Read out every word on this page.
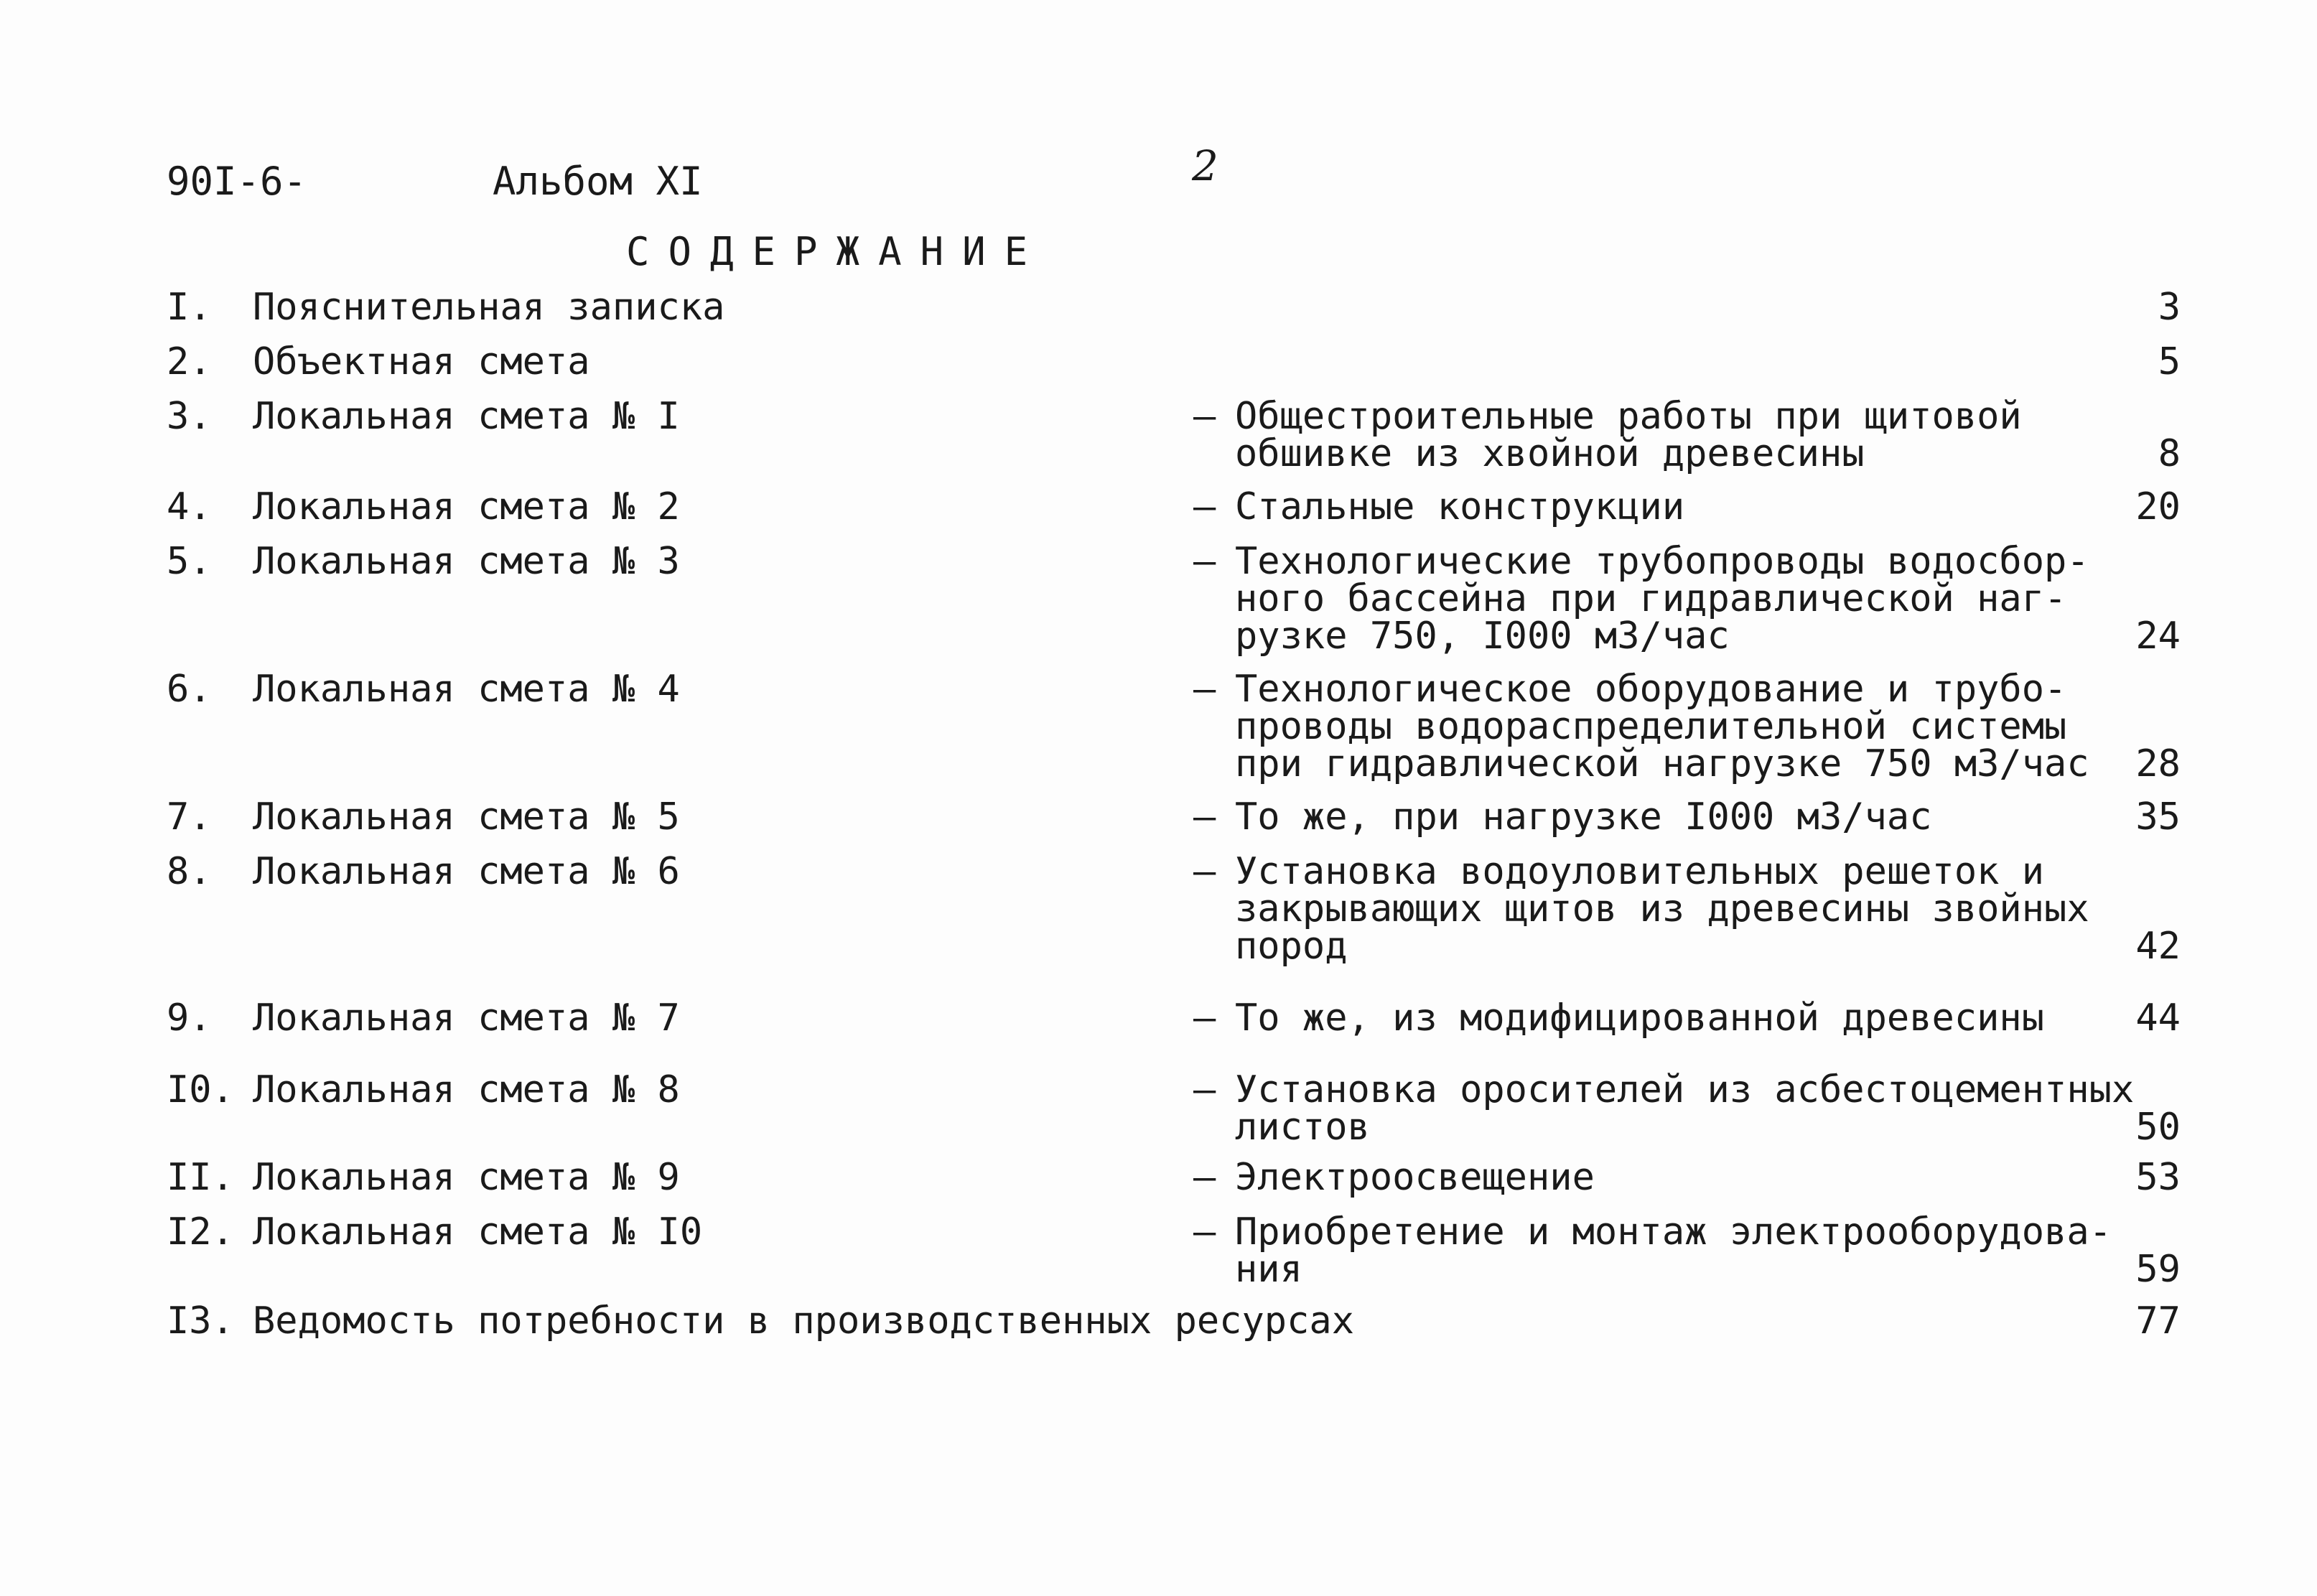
90I-6-	Альбом XI	2
СОДЕРЖАНИЕ
I. Пояснительная записка	3
2. Объектная смета	5
3. Локальная смета № I	– Общестроительные работы при щитовой
обшивке из хвойной древесины	8
4. Локальная смета № 2	– Стальные конструкции	20
5. Локальная смета № 3	– Технологические трубопроводы водосбор-
ного бассейна при гидравлической наг-
рузке 750, I000 м3/час	24
6. Локальная смета № 4	– Технологическое оборудование и трубо-
проводы водораспределительной системы
при гидравлической нагрузке 750 м3/час	28
7. Локальная смета № 5	– То же, при нагрузке I000 м3/час	35
8. Локальная смета № 6	– Установка водоуловительных решеток и
закрывающих щитов из древесины звойных
пород	42
9. Локальная смета № 7	– То же, из модифицированной древесины	44
I0. Локальная смета № 8	– Установка оросителей из асбестоцементных
листов	50
II. Локальная смета № 9	– Электроосвещение	53
I2. Локальная смета № I0	– Приобретение и монтаж электрооборудова-
ния	59
I3. Ведомость потребности в производственных ресурсах	77
